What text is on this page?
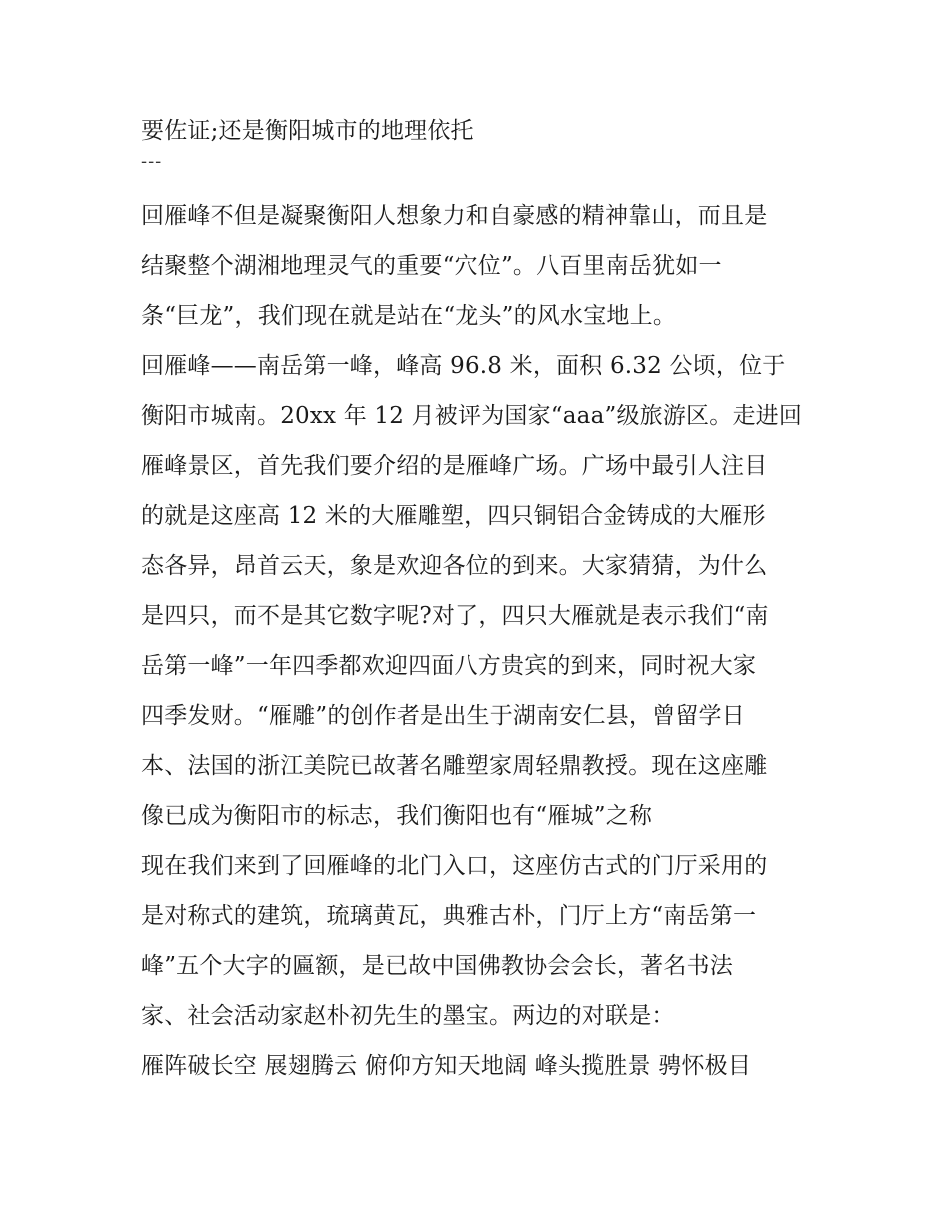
要佐证;还是衡阳城市的地理依托
---
回雁峰不但是凝聚衡阳人想象力和自豪感的精神靠山，而且是
结聚整个湖湘地理灵气的重要“穴位”。八百里南岳犹如一
条“巨龙”，我们现在就是站在“龙头”的风水宝地上。
回雁峰——南岳第一峰，峰高 96.8 米，面积 6.32 公顷，位于
衡阳市城南。20xx 年 12 月被评为国家“aaa”级旅游区。走进回
雁峰景区，首先我们要介绍的是雁峰广场。广场中最引人注目
的就是这座高 12 米的大雁雕塑，四只铜铝合金铸成的大雁形
态各异，昂首云天，象是欢迎各位的到来。大家猜猜，为什么
是四只，而不是其它数字呢?对了，四只大雁就是表示我们“南
岳第一峰”一年四季都欢迎四面八方贵宾的到来，同时祝大家
四季发财。“雁雕”的创作者是出生于湖南安仁县，曾留学日
本、法国的浙江美院已故著名雕塑家周轻鼎教授。现在这座雕
像已成为衡阳市的标志，我们衡阳也有“雁城”之称
现在我们来到了回雁峰的北门入口，这座仿古式的门厅采用的
是对称式的建筑，琉璃黄瓦，典雅古朴，门厅上方“南岳第一
峰”五个大字的匾额，是已故中国佛教协会会长，著名书法
家、社会活动家赵朴初先生的墨宝。两边的对联是：
雁阵破长空 展翅腾云 俯仰方知天地阔 峰头揽胜景 骋怀极目
